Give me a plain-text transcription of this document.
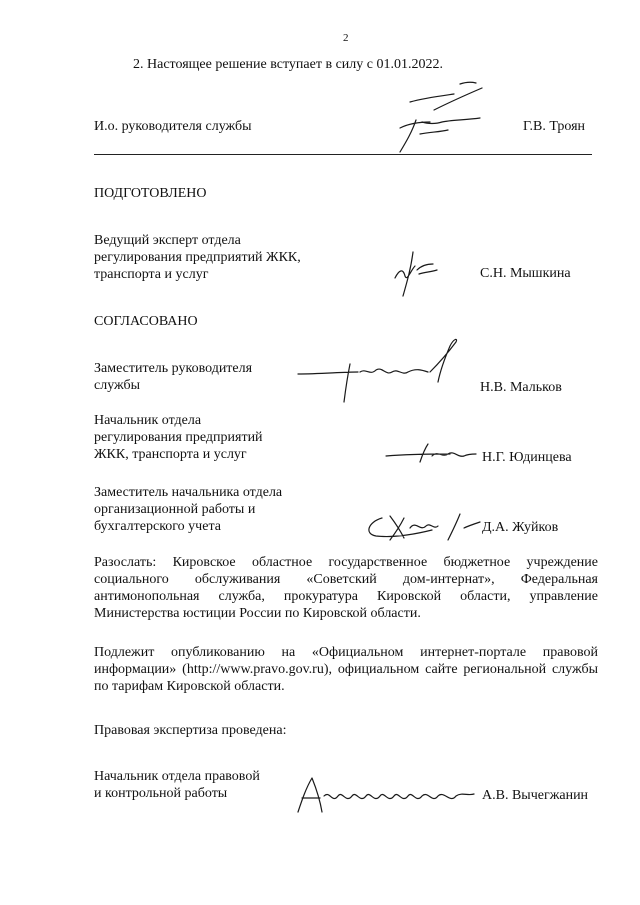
2
2. Настоящее решение вступает в силу с 01.01.2022.
И.о. руководителя службы	Г.В. Троян
ПОДГОТОВЛЕНО
Ведущий эксперт отдела
регулирования предприятий ЖКК,
транспорта и услуг	С.Н. Мышкина
СОГЛАСОВАНО
Заместитель руководителя
службы	Н.В. Мальков
Начальник отдела
регулирования предприятий
ЖКК, транспорта и услуг	Н.Г. Юдинцева
Заместитель начальника отдела
организационной работы и
бухгалтерского учета	Д.А. Жуйков
Разослать: Кировское областное государственное бюджетное учреждение социального обслуживания «Советский дом-интернат», Федеральная антимонопольная служба, прокуратура Кировской области, управление Министерства юстиции России по Кировской области.
Подлежит опубликованию на «Официальном интернет-портале правовой информации» (http://www.pravo.gov.ru), официальном сайте региональной службы по тарифам Кировской области.
Правовая экспертиза проведена:
Начальник отдела правовой
и контрольной работы	А.В. Вычегжанин
